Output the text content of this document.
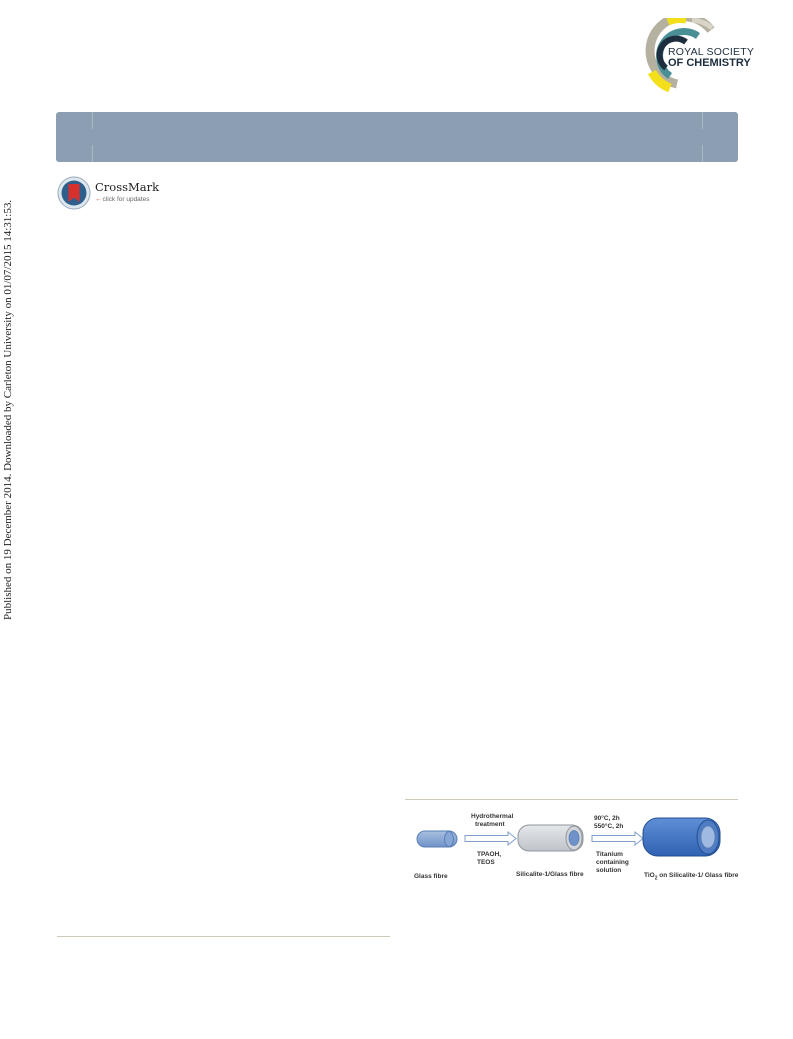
ROYAL SOCIETY
OF CHEMISTRY
CrossMark
←click for updates
Published on 19 December 2014. Downloaded by Carleton University on 01/07/2015 14:31:53.
Glass fibre
Hydrothermal
treatment
TPAOH,
TEOS
Silicalite-1/Glass fibre
90°C, 2h
550°C, 2h
Titanium
containing
solution
TiO$_2$ on Silicalite-1/ Glass fibre
